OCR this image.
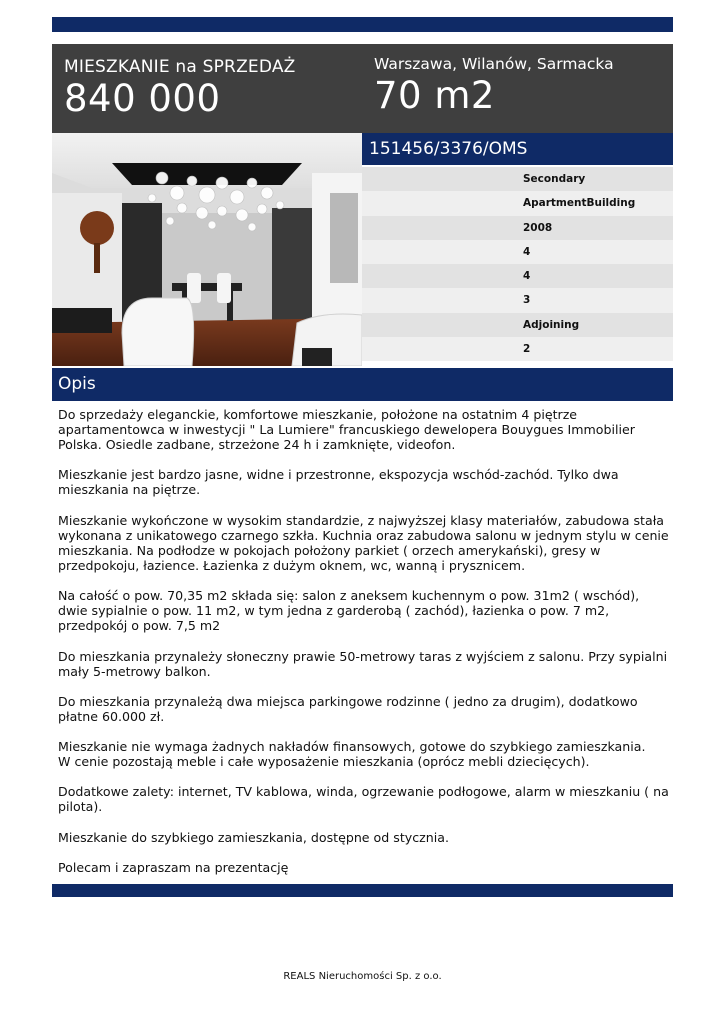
MIESZKANIE na SPRZEDAŻ
840 000
Warszawa, Wilanów, Sarmacka
70 m2
151456/3376/OMS
Secondary
ApartmentBuilding
2008
4
4
3
Adjoining
2
Opis

Do sprzedaży eleganckie, komfortowe mieszkanie, położone na ostatnim 4 piętrze apartamentowca w inwestycji " La Lumiere" francuskiego dewelopera Bouygues Immobilier Polska. Osiedle zadbane, strzeżone 24 h i zamknięte, videofon.

Mieszkanie jest bardzo jasne, widne i przestronne, ekspozycja wschód-zachód. Tylko dwa mieszkania na piętrze.

Mieszkanie wykończone w wysokim standardzie, z najwyższej klasy materiałów, zabudowa stała wykonana z unikatowego czarnego szkła. Kuchnia oraz zabudowa salonu w jednym stylu w cenie mieszkania. Na podłodze w pokojach położony parkiet ( orzech amerykański), gresy w przedpokoju, łazience. Łazienka z dużym oknem, wc, wanną i prysznicem.

Na całość o pow. 70,35 m2 składa się: salon z aneksem kuchennym o pow. 31m2 ( wschód), dwie sypialnie o pow. 11 m2, w tym jedna z garderobą ( zachód), łazienka o pow. 7 m2, przedpokój o pow. 7,5 m2

Do mieszkania przynależy słoneczny prawie 50-metrowy taras z wyjściem z salonu. Przy sypialni mały 5-metrowy balkon.

Do mieszkania przynależą dwa miejsca parkingowe rodzinne ( jedno za drugim), dodatkowo płatne 60.000 zł.

Mieszkanie nie wymaga żadnych nakładów finansowych, gotowe do szybkiego zamieszkania.
W cenie pozostają meble i całe wyposażenie mieszkania (oprócz mebli dziecięcych).

Dodatkowe zalety: internet, TV kablowa, winda, ogrzewanie podłogowe, alarm w mieszkaniu ( na pilota).

Mieszkanie do szybkiego zamieszkania, dostępne od stycznia.

Polecam i zapraszam na prezentację

REALS Nieruchomości Sp. z o.o.
